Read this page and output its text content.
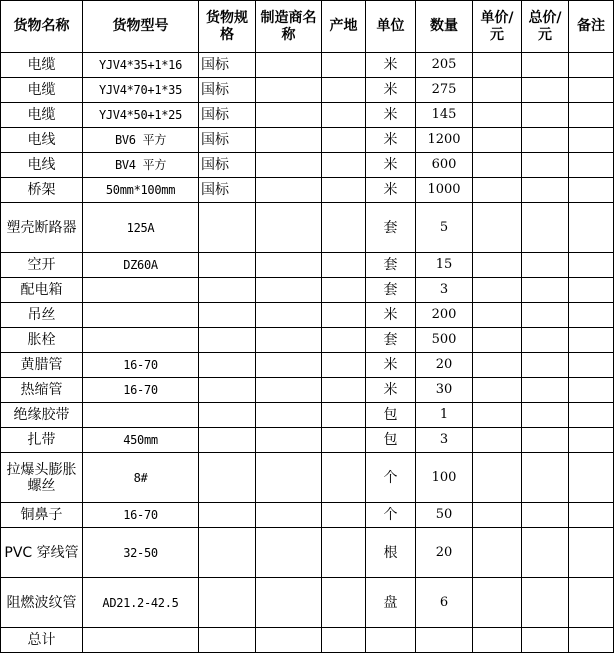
货物名称	货物型号	货物规格	制造商名称	产地	单位	数量	单价/元	总价/元	备注
电缆	YJV4*35+1*16	国标			米	205			
电缆	YJV4*70+1*35	国标			米	275			
电缆	YJV4*50+1*25	国标			米	145			
电线	BV6 平方	国标			米	1200			
电线	BV4 平方	国标			米	600			
桥架	50mm*100mm	国标			米	1000			
塑壳断路器	125A				套	5			
空开	DZ60A				套	15			
配电箱					套	3			
吊丝					米	200			
胀栓					套	500			
黄腊管	16-70				米	20			
热缩管	16-70				米	30			
绝缘胶带					包	1			
扎带	450mm				包	3			
拉爆头膨胀螺丝	8#				个	100			
铜鼻子	16-70				个	50			
PVC 穿线管	32-50				根	20			
阻燃波纹管	AD21.2-42.5				盘	6			
总计									
